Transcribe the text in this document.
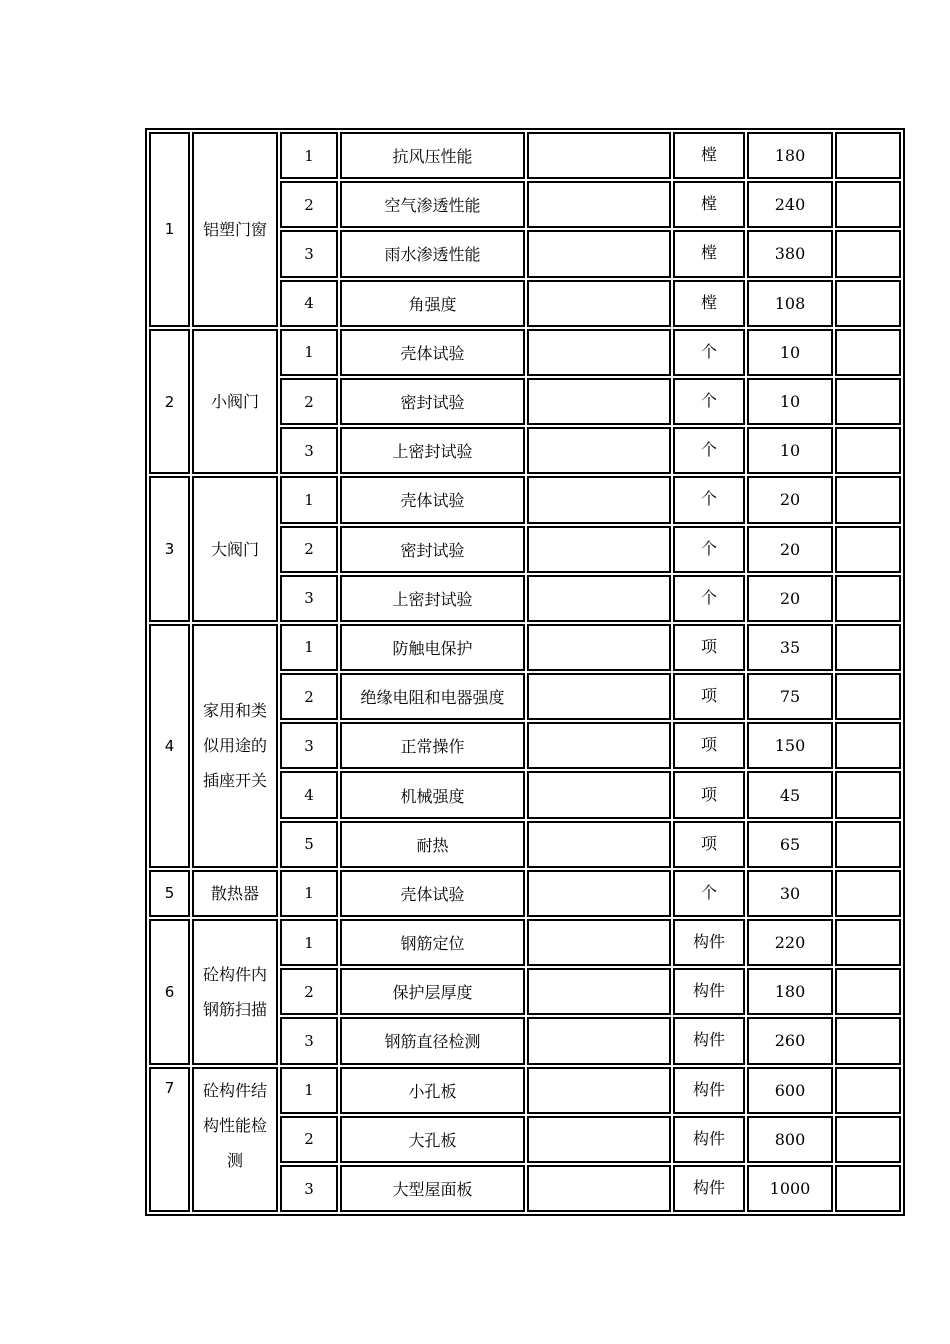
1	铝塑门窗	1	抗风压性能		樘	180	
		2	空气渗透性能		樘	240	
		3	雨水渗透性能		樘	380	
		4	角强度		樘	108	
2	小阀门	1	壳体试验		个	10	
		2	密封试验		个	10	
		3	上密封试验		个	10	
3	大阀门	1	壳体试验		个	20	
		2	密封试验		个	20	
		3	上密封试验		个	20	
4	家用和类似用途的插座开关	1	防触电保护		项	35	
		2	绝缘电阻和电器强度		项	75	
		3	正常操作		项	150	
		4	机械强度		项	45	
		5	耐热		项	65	
5	散热器	1	壳体试验		个	30	
6	砼构件内钢筋扫描	1	钢筋定位		构件	220	
		2	保护层厚度		构件	180	
		3	钢筋直径检测		构件	260	
7	砼构件结构性能检测	1	小孔板		构件	600	
		2	大孔板		构件	800	
		3	大型屋面板		构件	1000	
